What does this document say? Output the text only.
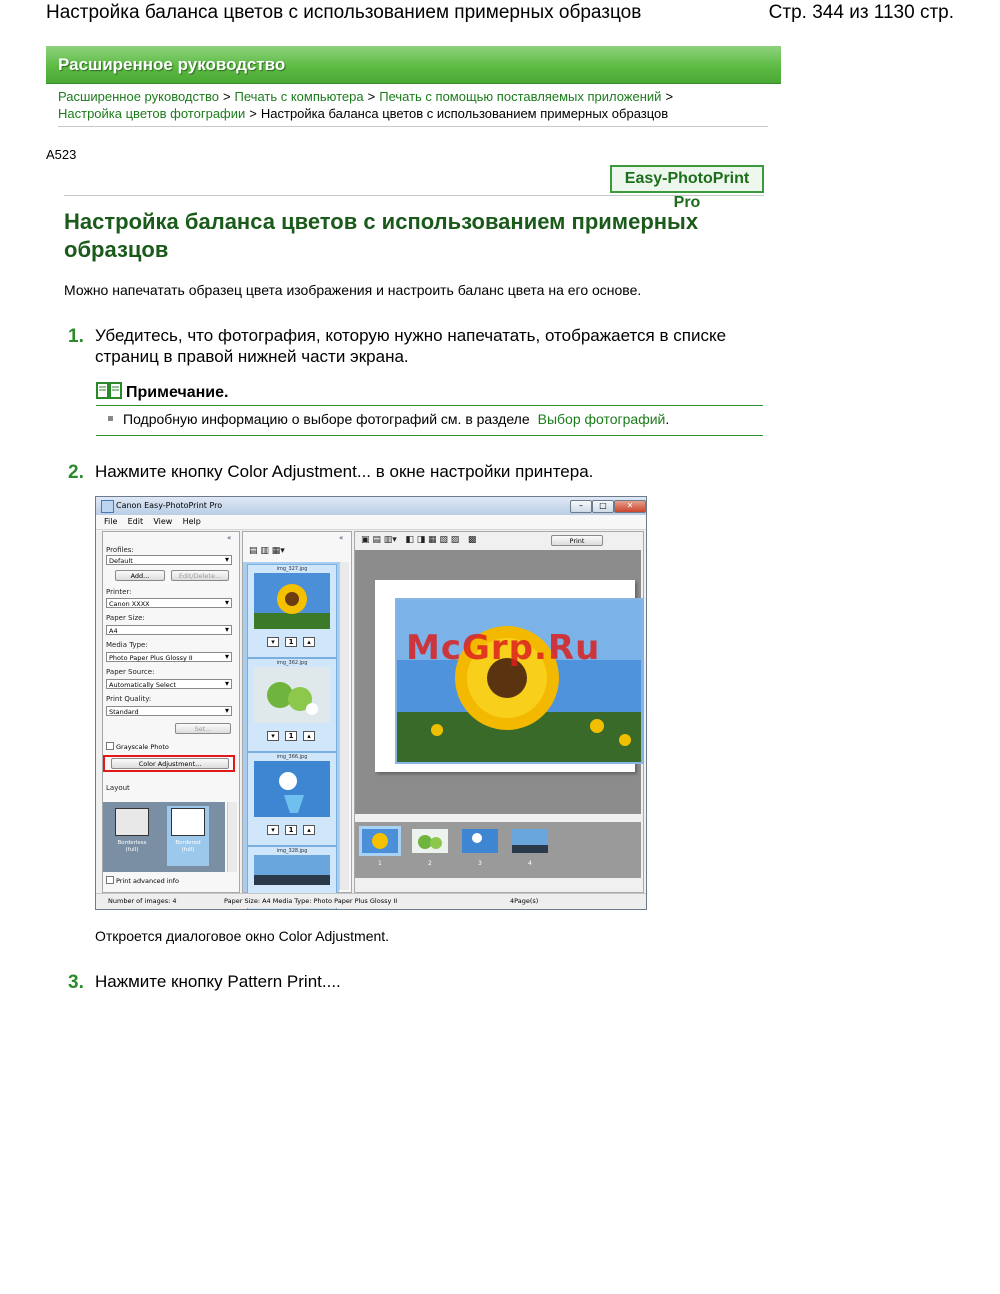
Настройка баланса цветов с использованием примерных образцов	Стр. 344 из 1130 стр.
Расширенное руководство
Расширенное руководство > Печать с компьютера > Печать с помощью поставляемых приложений >
Настройка цветов фотографии > Настройка баланса цветов с использованием примерных образцов
A523
Easy-PhotoPrint Pro
Настройка баланса цветов с использованием примерных образцов
Можно напечатать образец цвета изображения и настроить баланс цвета на его основе.
1. Убедитесь, что фотография, которую нужно напечатать, отображается в списке страниц в правой нижней части экрана.
Примечание.
Подробную информацию о выборе фотографий см. в разделе Выбор фотографий.
2. Нажмите кнопку Color Adjustment... в окне настройки принтера.
Canon Easy-PhotoPrint Pro	–	□	✕
File Edit View Help
«
Profiles:
Default ▾
Add...	Edit/Delete...
Printer:
Canon XXXX ▾
Paper Size:
A4 ▾
Media Type:
Photo Paper Plus Glossy II ▾
Paper Source:
Automatically Select ▾
Print Quality:
Standard ▾
Set...
Grayscale Photo
Color Adjustment...
Layout
Borderless
(full)
Bordered
(full)
Print advanced info
«
▤ ▥ ▦▾
img_327.jpg
▾	1	▴
img_362.jpg
▾	1	▴
img_366.jpg
▾	1	▴
img_328.jpg
▣ ▤ ▥▾   ◧ ◨ ▦ ▧ ▨   ▩	Print
1	2	3	4
Number of images: 4	Paper Size: A4 Media Type: Photo Paper Plus Glossy II	4Page(s)
McGrp.Ru
Откроется диалоговое окно Color Adjustment.
3. Нажмите кнопку Pattern Print....
